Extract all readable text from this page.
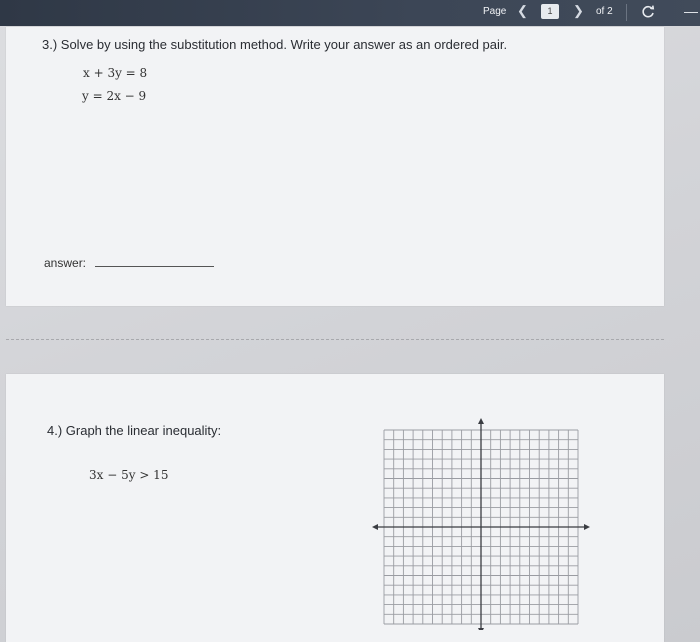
Page ❮	1	❯ of 2	—
3.) Solve by using the substitution method. Write your answer as an ordered pair.
x + 3y = 8
y = 2x − 9
answer:
4.) Graph the linear inequality:
3x − 5y > 15
